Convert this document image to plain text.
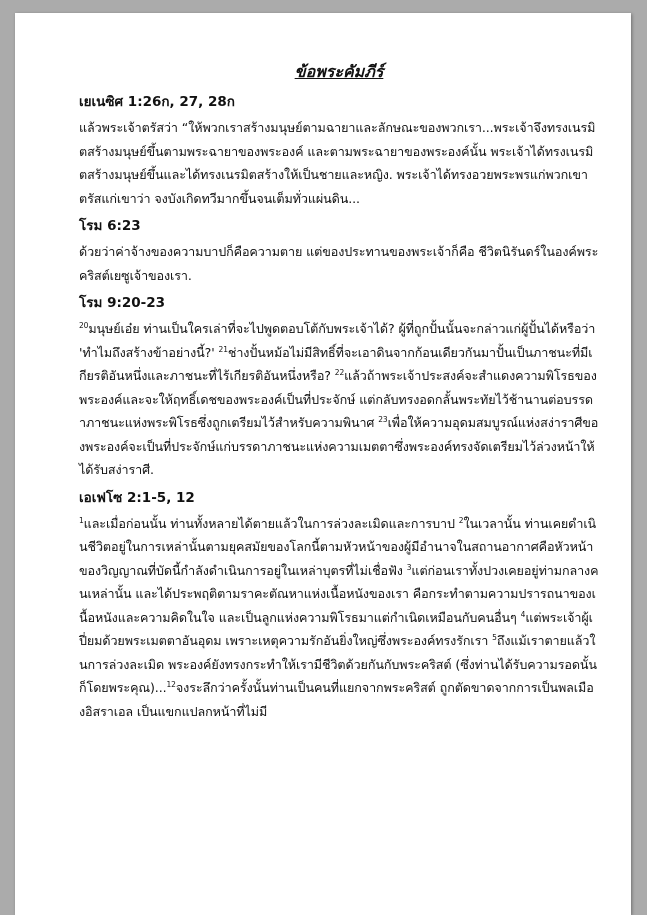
ข้อพระคัมภีร์
เยเนซิศ 1:26ก, 27, 28ก
แล้วพระเจ้าตรัสว่า “ให้พวกเราสร้างมนุษย์ตามฉายาและลักษณะของพวกเรา...พระเจ้าจึงทรงเนรมิตสร้างมนุษย์ขึ้นตามพระฉายาของพระองค์ และตามพระฉายาของพระองค์นั้น พระเจ้าได้ทรงเนรมิตสร้างมนุษย์ขึ้นและได้ทรงเนรมิตสร้างให้เป็นชายและหญิง. พระเจ้าได้ทรงอวยพระพรแก่พวกเขา ตรัสแก่เขาว่า จงบังเกิดทวีมากขึ้นจนเต็มทั่วแผ่นดิน...
โรม 6:23
ด้วยว่าค่าจ้างของความบาปก็คือความตาย แต่ของประทานของพระเจ้าก็คือ ชีวิตนิรันดร์ในองค์พระคริสต์เยซูเจ้าของเรา.
โรม 9:20-23
$^{20}$มนุษย์เอ๋ย ท่านเป็นใครเล่าที่จะไปพูดตอบโต้กับพระเจ้าได้? ผู้ที่ถูกปั้นนั้นจะกล่าวแก่ผู้ปั้นได้หรือว่า 'ทำไมถึงสร้างข้าอย่างนี้?' $^{21}$ช่างปั้นหม้อไม่มีสิทธิ์ที่จะเอาดินจากก้อนเดียวกันมาปั้นเป็นภาชนะที่มีเกียรติอันหนึ่งและภาชนะที่ไร้เกียรติอันหนึ่งหรือ? $^{22}$แล้วถ้าพระเจ้าประสงค์จะสำแดงความพิโรธของพระองค์และจะให้ฤทธิ์เดชของพระองค์เป็นที่ประจักษ์ แต่กลับทรงอดกลั้นพระทัยไว้ช้านานต่อบรรดาภาชนะแห่งพระพิโรธซึ่งถูกเตรียมไว้สำหรับความพินาศ $^{23}$เพื่อให้ความอุดมสมบูรณ์แห่งสง่าราศีของพระองค์จะเป็นที่ประจักษ์แก่บรรดาภาชนะแห่งความเมตตาซึ่งพระองค์ทรงจัดเตรียมไว้ล่วงหน้าให้ได้รับสง่าราศี.
เอเฟโซ 2:1-5, 12
$^1$และเมื่อก่อนนั้น ท่านทั้งหลายได้ตายแล้วในการล่วงละเมิดและการบาป $^2$ในเวลานั้น ท่านเคยดำเนินชีวิตอยู่ในการเหล่านั้นตามยุคสมัยของโลกนี้ตามหัวหน้าของผู้มีอำนาจในสถานอากาศคือหัวหน้าของวิญญาณที่บัดนี้กำลังดำเนินการอยู่ในเหล่าบุตรที่ไม่เชื่อฟัง $^3$แต่ก่อนเราทั้งปวงเคยอยู่ท่ามกลางคนเหล่านั้น และได้ประพฤติตามราคะตัณหาแห่งเนื้อหนังของเรา คือกระทำตามความปรารถนาของเนื้อหนังและความคิดในใจ และเป็นลูกแห่งความพิโรธมาแต่กำเนิดเหมือนกับคนอื่นๆ $^4$แต่พระเจ้าผู้เปี่ยมด้วยพระเมตตาอันอุดม เพราะเหตุความรักอันยิ่งใหญ่ซึ่งพระองค์ทรงรักเรา $^5$ถึงแม้เราตายแล้วในการล่วงละเมิด พระองค์ยังทรงกระทำให้เรามีชีวิตด้วยกันกับพระคริสต์ (ซึ่งท่านได้รับความรอดนั้นก็โดยพระคุณ)...$^{12}$จงระลึกว่าครั้งนั้นท่านเป็นคนที่แยกจากพระคริสต์ ถูกตัดขาดจากการเป็นพลเมืองอิสราเอล เป็นแขกแปลกหน้าที่ไม่มี
